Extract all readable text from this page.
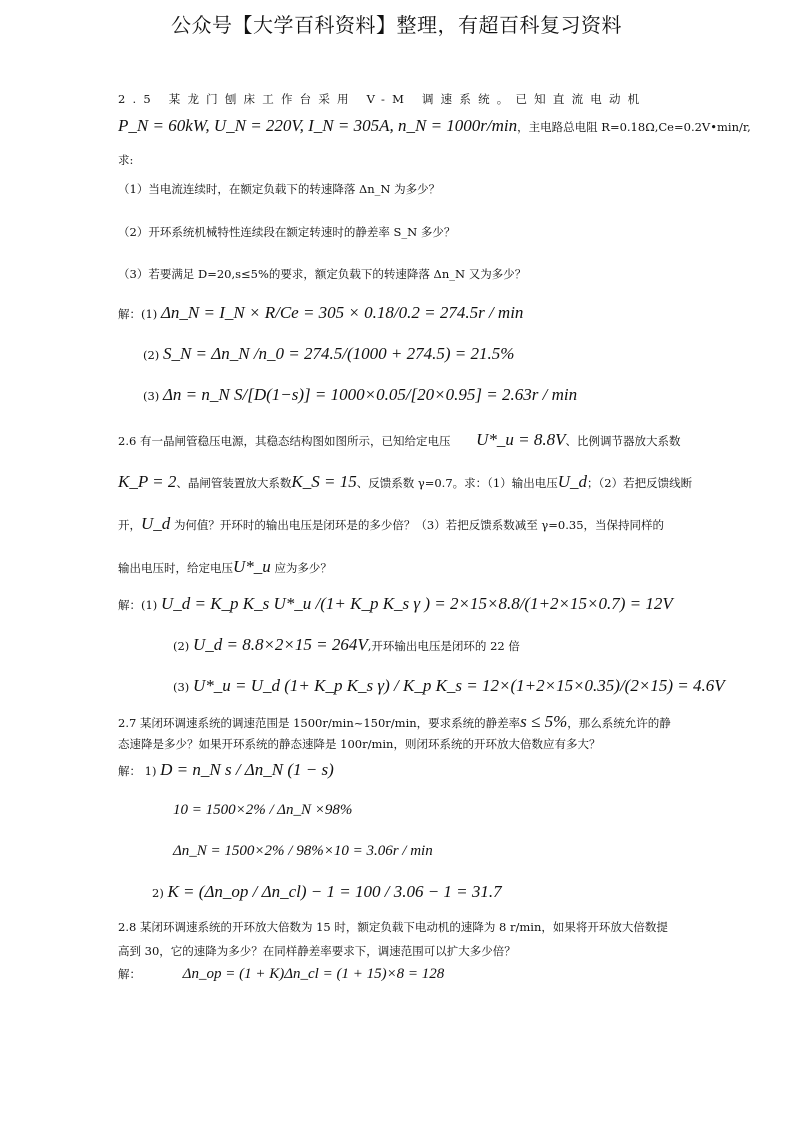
公众号【大学百科资料】整理，有超百科复习资料
2.5 某龙门刨床工作台采用 V-M 调速系统。已知直流电动机
P_N = 60kW, U_N = 220V, I_N = 305A, n_N = 1000r/min，主电路总电阻 R=0.18Ω,Ce=0.2V•min/r,
求:
（1）当电流连续时，在额定负载下的转速降落 Δn_N 为多少？
（2）开环系统机械特性连续段在额定转速时的静差率 S_N 多少？
（3）若要满足 D=20,s≤5%的要求，额定负载下的转速降落 Δn_N 又为多少？
解：(1) Δn_N = I_N × R/Ce = 305 × 0.18/0.2 = 274.5r / min
(2) S_N = Δn_N /n_0 = 274.5/(1000 + 274.5) = 21.5%
(3) Δn = n_N S/[D(1−s)] = 1000×0.05/[20×0.95] = 2.63r / min
2.6 有一晶闸管稳压电源，其稳态结构图如图所示，已知给定电压 U*_u = 8.8V、比例调节器放大系数
K_P = 2、晶闸管装置放大系数K_S = 15、反馈系数 γ=0.7。求：（1）输出电压U_d；（2）若把反馈线断
开，U_d 为何值？开环时的输出电压是闭环是的多少倍？（3）若把反馈系数减至 γ=0.35，当保持同样的
输出电压时，给定电压U*_u 应为多少？
解：(1) U_d = K_p K_s U*_u /(1+ K_p K_s γ ) = 2×15×8.8/(1+2×15×0.7) = 12V
(2) U_d = 8.8×2×15 = 264V,开环输出电压是闭环的 22 倍
(3) U*_u = U_d (1+ K_p K_s γ) / K_p K_s = 12×(1+2×15×0.35)/(2×15) = 4.6V
2.7 某闭环调速系统的调速范围是 1500r/min~150r/min，要求系统的静差率s ≤ 5%，那么系统允许的静
态速降是多少？如果开环系统的静态速降是 100r/min，则闭环系统的开环放大倍数应有多大？
解： 1) D = n_N s / Δn_N (1 − s)
10 = 1500×2% / Δn_N ×98%
Δn_N = 1500×2% / 98%×10 = 3.06r / min
2) K = (Δn_op / Δn_cl) − 1 = 100 / 3.06 − 1 = 31.7
2.8 某闭环调速系统的开环放大倍数为 15 时，额定负载下电动机的速降为 8 r/min，如果将开环放大倍数提
高到 30，它的速降为多少？在同样静差率要求下，调速范围可以扩大多少倍？
解：	Δn_op = (1 + K)Δn_cl = (1 + 15)×8 = 128
